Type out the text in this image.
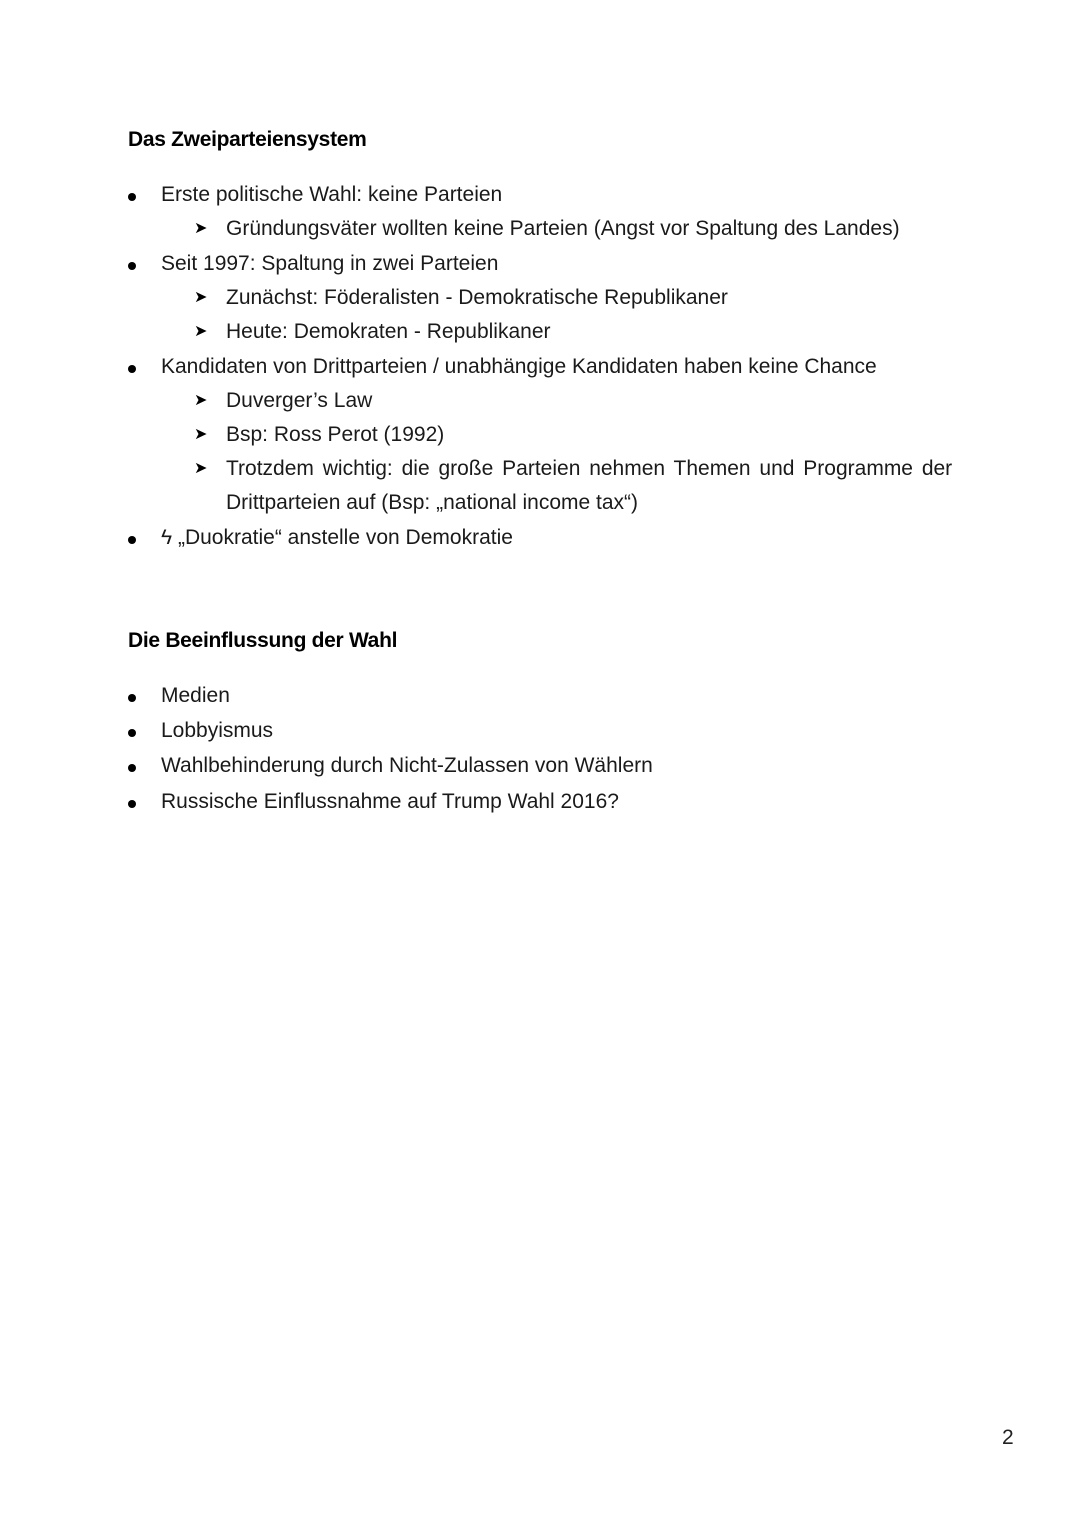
Das Zweiparteiensystem
Erste politische Wahl: keine Parteien
➤ Gründungsväter wollten keine Parteien (Angst vor Spaltung des Landes)
Seit 1997: Spaltung in zwei Parteien
➤ Zunächst: Föderalisten - Demokratische Republikaner
➤ Heute: Demokraten - Republikaner
Kandidaten von Drittparteien / unabhängige Kandidaten haben keine Chance
➤ Duverger’s Law
➤ Bsp: Ross Perot (1992)
➤ Trotzdem wichtig: die große Parteien nehmen Themen und Programme der
Drittparteien auf (Bsp: „national income tax“)
ϟ „Duokratie“ anstelle von Demokratie
Die Beeinflussung der Wahl
Medien
Lobbyismus
Wahlbehinderung durch Nicht-Zulassen von Wählern
Russische Einflussnahme auf Trump Wahl 2016?
2
